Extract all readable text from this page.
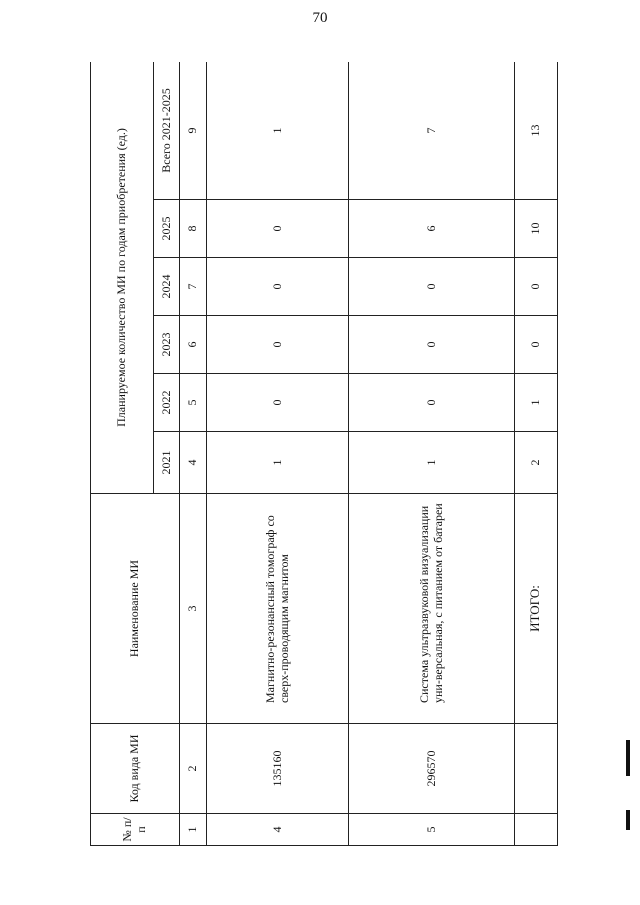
70
№ п/п	Код вида МИ	Наименование МИ	Планируемое количество МИ по годам приобретения (ед.)					
			2021	2022	2023	2024	2025	Всего 2021-2025
1	2	3	4	5	6	7	8	9
4	135160	Магнитно-резонансный томограф со сверх-проводящим магнитом	1	0	0	0	0	1
5	296570	Система ультразвуковой визуализации уни-версальная, с питанием от батареи	1	0	0	0	6	7
		ИТОГО:	2	1	0	0	10	13
